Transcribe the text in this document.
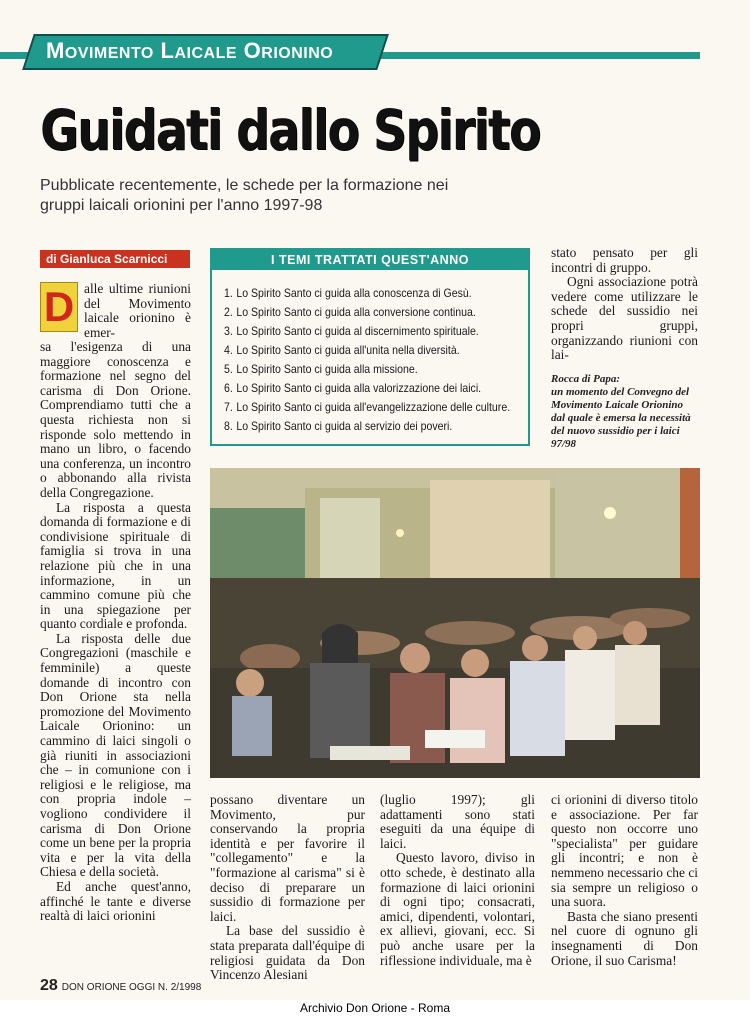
MOVIMENTO LAICALE ORIONINO
Guidati dallo Spirito
Pubblicate recentemente, le schede per la formazione nei gruppi laicali orionini per l'anno 1997-98
di Gianluca Scarnicci
D alle ultime riunioni del Movimento laicale orionino è emer-

sa l'esigenza di una maggiore conoscenza e formazione nel segno del carisma di Don Orione. Comprendiamo tutti che a questa richiesta non si risponde solo mettendo in mano un libro, o facendo una conferenza, un incontro o abbonando alla rivista della Congregazione.

La risposta a questa domanda di formazione e di condivisione spirituale di famiglia si trova in una relazione più che in una informazione, in un cammino comune più che in una spiegazione per quanto cordiale e profonda.

La risposta delle due Congregazioni (maschile e femminile) a queste domande di incontro con Don Orione sta nella promozione del Movimento Laicale Orionino: un cammino di laici singoli o già riuniti in associazioni che – in comunione con i religiosi e le religiose, ma con propria indole – vogliono condividere il carisma di Don Orione come un bene per la propria vita e per la vita della Chiesa e della società.

Ed anche quest'anno, affinché le tante e diverse realtà di laici orionini

I TEMI TRATTATI QUEST'ANNO
1. Lo Spirito Santo ci guida alla conoscenza di Gesù.
2. Lo Spirito Santo ci guida alla conversione continua.
3. Lo Spirito Santo ci guida al discernimento spirituale.
4. Lo Spirito Santo ci guida all'unita nella diversità.
5. Lo Spirito Santo ci guida alla missione.
6. Lo Spirito Santo ci guida alla valorizzazione dei laici.
7. Lo Spirito Santo ci guida all'evangelizzazione delle culture.
8. Lo Spirito Santo ci guida al servizio dei poveri.

stato pensato per gli incontri di gruppo.

Ogni associazione potrà vedere come utilizzare le schede del sussidio nei propri gruppi, organizzando riunioni con lai-

Rocca di Papa:
un momento del Convegno del Movimento Laicale Orionino dal quale è emersa la necessità del nuovo sussidio per i laici 97/98

possano diventare un Movimento, pur conservando la propria identità e per favorire il "collegamento" e la "formazione al carisma" si è deciso di preparare un sussidio di formazione per laici.

La base del sussidio è stata preparata dall'équipe di religiosi guidata da Don Vincenzo Alesiani

(luglio 1997); gli adattamenti sono stati eseguiti da una équipe di laici.

Questo lavoro, diviso in otto schede, è destinato alla formazione di laici orionini di ogni tipo; consacrati, amici, dipendenti, volontari, ex allievi, giovani, ecc. Si può anche usare per la riflessione individuale, ma è

ci orionini di diverso titolo e associazione. Per far questo non occorre uno "specialista" per guidare gli incontri; e non è nemmeno necessario che ci sia sempre un religioso o una suora.

Basta che siano presenti nel cuore di ognuno gli insegnamenti di Don Orione, il suo Carisma!

28 DON ORIONE OGGI N. 2/1998
Archivio Don Orione - Roma
